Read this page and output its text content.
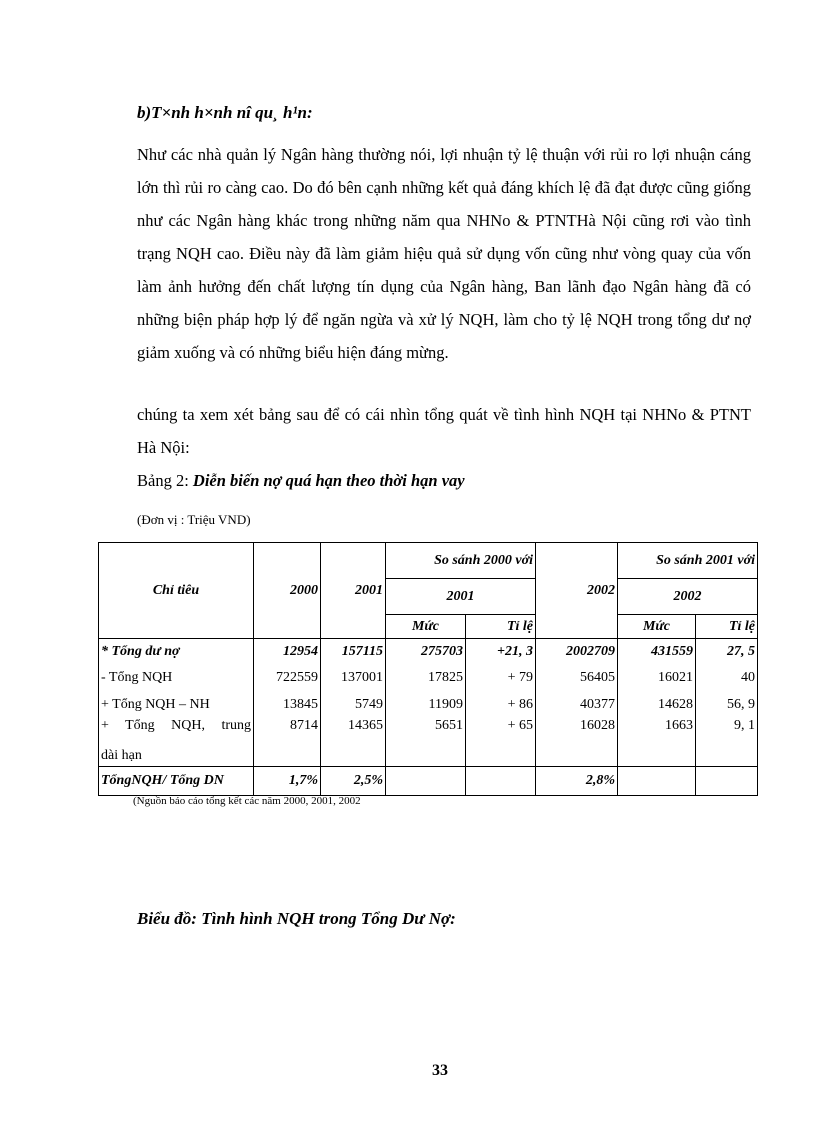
b)T×nh h×nh nî qu¸ h¹n:

Như các nhà quản lý Ngân hàng thường nói, lợi nhuận tỷ lệ thuận với rủi ro lợi nhuận cáng lớn thì rủi ro càng cao. Do đó bên cạnh những kết quả đáng khích lệ đã đạt được cũng giống như các Ngân hàng khác trong những năm qua NHNo & PTNTHà Nội cũng rơi vào tình trạng NQH cao. Điều này đã làm giảm hiệu quả sử dụng vốn cũng như vòng quay của vốn làm ảnh hưởng đến chất lượng tín dụng của Ngân hàng, Ban lãnh đạo Ngân hàng đã có những biện pháp hợp lý để ngăn ngừa và xử lý NQH, làm cho tỷ lệ NQH trong tổng dư nợ giảm xuống và có những biểu hiện đáng mừng.

chúng ta xem xét bảng sau để có cái nhìn tổng quát về tình hình NQH tại NHNo & PTNT Hà Nội:

Bảng 2: Diễn biến nợ quá hạn theo thời hạn vay
(Đơn vị : Triệu VND)
Chỉ tiêu	2000	2001	So sánh 2000 với		2002	So sánh 2001 với	

			2001			2002	
			Mức	Tỉ lệ		Mức	Tỉ lệ
* Tổng dư nợ	12954	157115	275703	+21, 3	2002709	431559	27, 5
- Tổng NQH	722559	137001	17825	+ 79	56405	16021	40
+ Tổng NQH – NH	13845	5749	11909	+ 86	40377	14628	56, 9
+ Tổng NQH, trung	8714	14365	5651	+ 65	16028	1663	9, 1
dài hạn							
TổngNQH/ Tổng DN	1,7%	2,5%			2,8%		
(Nguồn báo cáo tổng kết các năm 2000, 2001, 2002
Biểu đồ: Tình hình NQH trong Tổng Dư Nợ:
33
